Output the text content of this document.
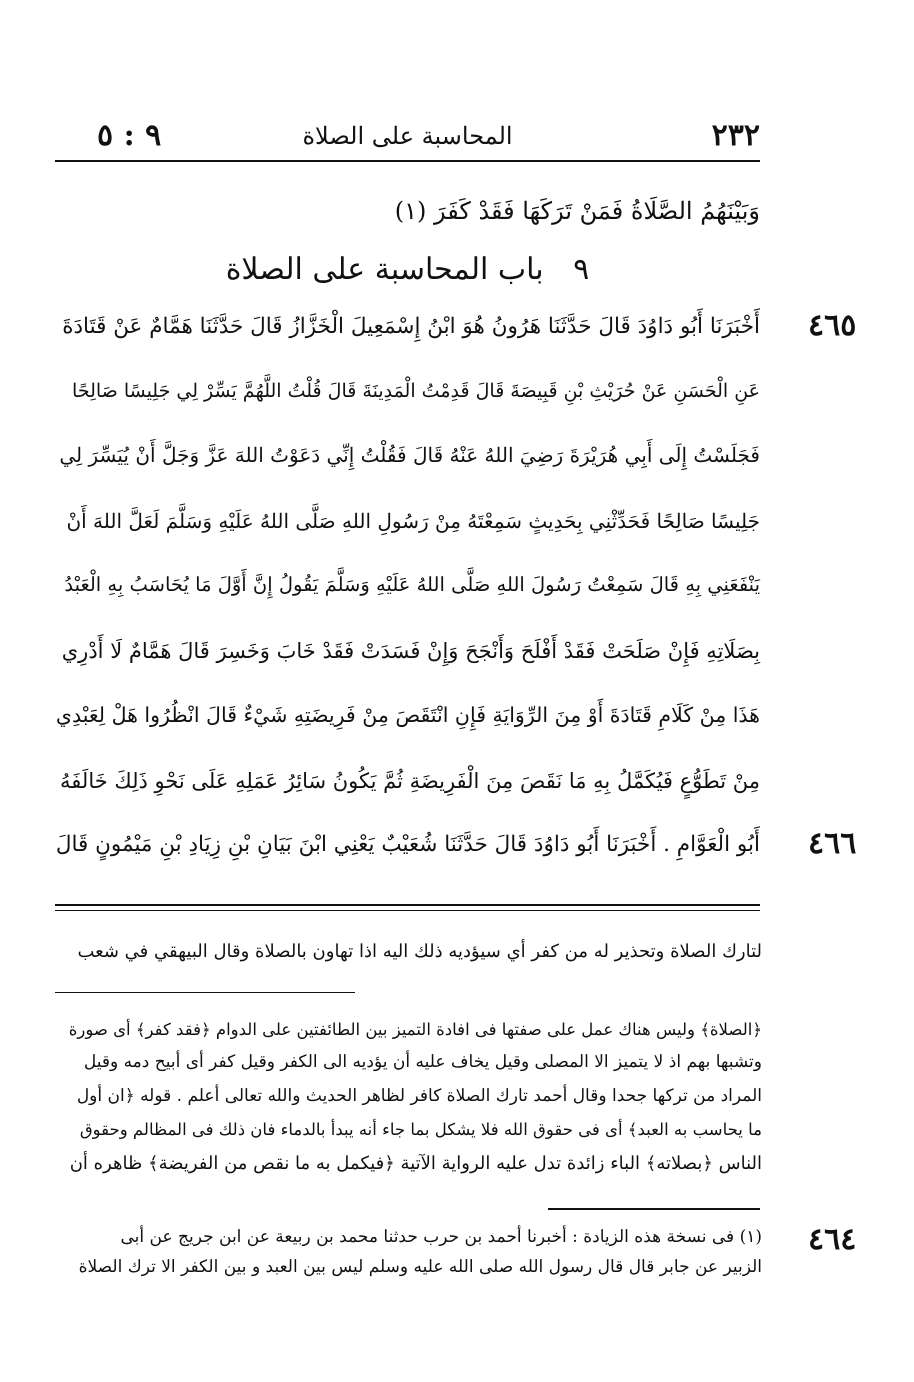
٢٣٢
المحاسبة على الصلاة
٩ : ٥
وَبَيْنَهُمُ الصَّلَاةُ فَمَنْ تَرَكَهَا فَقَدْ كَفَرَ (١)
٩ باب المحاسبة على الصلاة
٤٦٥
٤٦٦
أَخْبَرَنَا أَبُو دَاوُدَ قَالَ حَدَّثَنَا هَرُونُ هُوَ ابْنُ إِسْمَعِيلَ الْخَزَّازُ قَالَ حَدَّثَنَا هَمَّامٌ عَنْ قَتَادَةَ
عَنِ الْحَسَنِ عَنْ حُرَيْثِ بْنِ قَبِيصَةَ قَالَ قَدِمْتُ الْمَدِينَةَ قَالَ قُلْتُ اللَّهُمَّ يَسِّرْ لِي جَلِيسًا صَالِحًا
فَجَلَسْتُ إِلَى أَبِي هُرَيْرَةَ رَضِيَ اللهُ عَنْهُ قَالَ فَقُلْتُ إِنِّي دَعَوْتُ اللهَ عَزَّ وَجَلَّ أَنْ يُيَسِّرَ لِي
جَلِيسًا صَالِحًا فَحَدِّثْنِي بِحَدِيثٍ سَمِعْتَهُ مِنْ رَسُولِ اللهِ صَلَّى اللهُ عَلَيْهِ وَسَلَّمَ لَعَلَّ اللهَ أَنْ
يَنْفَعَنِي بِهِ قَالَ سَمِعْتُ رَسُولَ اللهِ صَلَّى اللهُ عَلَيْهِ وَسَلَّمَ يَقُولُ إِنَّ أَوَّلَ مَا يُحَاسَبُ بِهِ الْعَبْدُ
بِصَلَاتِهِ فَإِنْ صَلَحَتْ فَقَدْ أَفْلَحَ وَأَنْجَحَ وَإِنْ فَسَدَتْ فَقَدْ خَابَ وَخَسِرَ قَالَ هَمَّامٌ لَا أَدْرِي
هَذَا مِنْ كَلَامِ قَتَادَةَ أَوْ مِنَ الرِّوَايَةِ فَإِنِ انْتَقَصَ مِنْ فَرِيضَتِهِ شَيْءٌ قَالَ انْظُرُوا هَلْ لِعَبْدِي
مِنْ تَطَوُّعٍ فَيُكَمَّلُ بِهِ مَا نَقَصَ مِنَ الْفَرِيضَةِ ثُمَّ يَكُونُ سَائِرُ عَمَلِهِ عَلَى نَحْوِ ذَلِكَ خَالَفَهُ
أَبُو الْعَوَّامِ . أَخْبَرَنَا أَبُو دَاوُدَ قَالَ حَدَّثَنَا شُعَيْبٌ يَعْنِي ابْنَ بَيَانِ بْنِ زِيَادِ بْنِ مَيْمُونٍ قَالَ
لتارك الصلاة وتحذير له من كفر أي سيؤديه ذلك اليه اذا تهاون بالصلاة وقال البيهقي في شعب
﴿الصلاة﴾ وليس هناك عمل على صفتها فى افادة التميز بين الطائفتين على الدوام ﴿فقد كفر﴾ أى صورة
وتشبها بهم اذ لا يتميز الا المصلى وقيل يخاف عليه أن يؤديه الى الكفر وقيل كفر أى أبيح دمه وقيل
المراد من تركها جحدا وقال أحمد تارك الصلاة كافر لظاهر الحديث والله تعالى أعلم . قوله ﴿ان أول
ما يحاسب به العبد﴾ أى فى حقوق الله فلا يشكل بما جاء أنه يبدأ بالدماء فان ذلك فى المظالم وحقوق
الناس ﴿بصلاته﴾ الباء زائدة تدل عليه الرواية الآتية ﴿فيكمل به ما نقص من الفريضة﴾ ظاهره أن
٤٦٤
(١) فى نسخة هذه الزيادة : أخبرنا أحمد بن حرب حدثنا محمد بن ربيعة عن ابن جريج عن أبى
الزبير عن جابر قال قال رسول الله صلى الله عليه وسلم ليس بين العبد و بين الكفر الا ترك الصلاة
